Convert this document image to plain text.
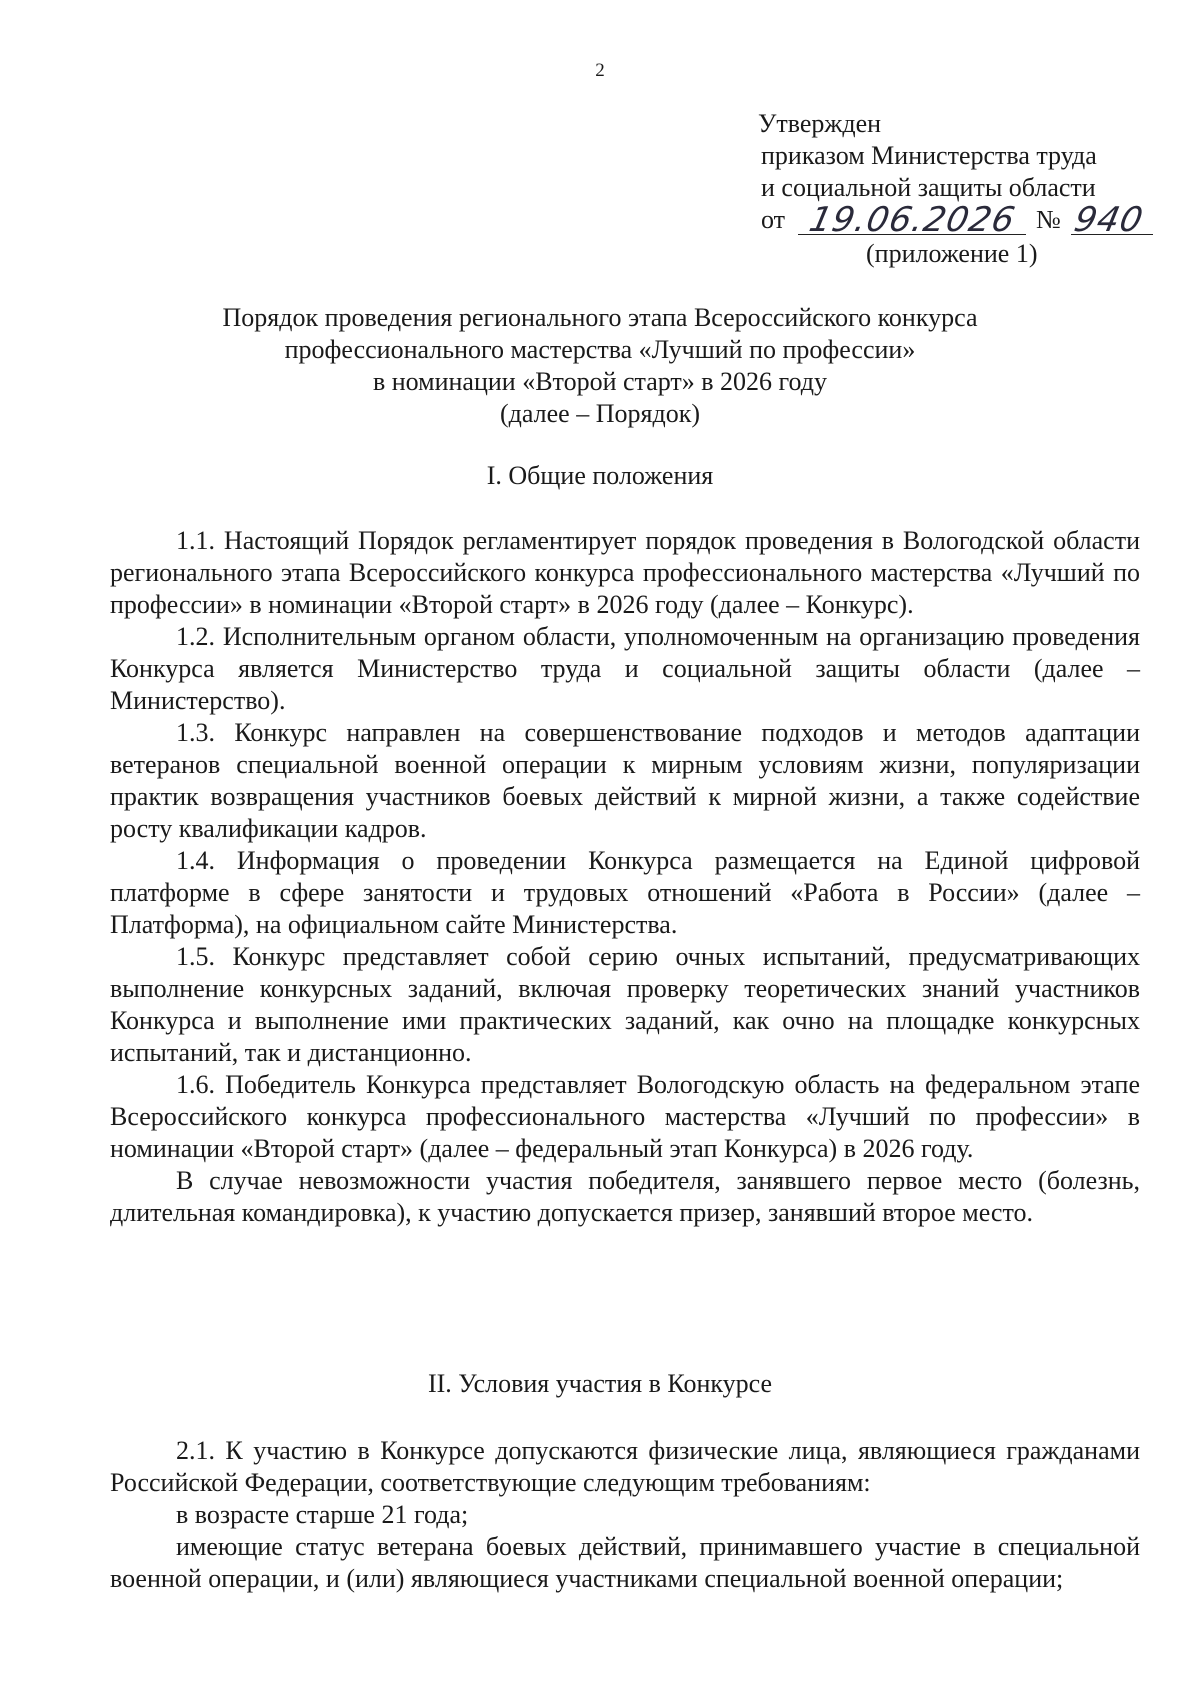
2
Утвержден
приказом Министерства труда
и социальной защиты области
от 19.06.2026 № 940
(приложение 1)
Порядок проведения регионального этапа Всероссийского конкурса
профессионального мастерства «Лучший по профессии»
в номинации «Второй старт» в 2026 году
(далее – Порядок)
I. Общие положения

1.1. Настоящий Порядок регламентирует порядок проведения в Вологодской области регионального этапа Всероссийского конкурса профессионального мастерства «Лучший по профессии» в номинации «Второй старт» в 2026 году (далее – Конкурс).

1.2. Исполнительным органом области, уполномоченным на организацию проведения Конкурса является Министерство труда и социальной защиты области (далее – Министерство).

1.3. Конкурс направлен на совершенствование подходов и методов адаптации ветеранов специальной военной операции к мирным условиям жизни, популяризации практик возвращения участников боевых действий к мирной жизни, а также содействие росту квалификации кадров.

1.4. Информация о проведении Конкурса размещается на Единой цифровой платформе в сфере занятости и трудовых отношений «Работа в России» (далее – Платформа), на официальном сайте Министерства.

1.5. Конкурс представляет собой серию очных испытаний, предусматривающих выполнение конкурсных заданий, включая проверку теоретических знаний участников Конкурса и выполнение ими практических заданий, как очно на площадке конкурсных испытаний, так и дистанционно.

1.6. Победитель Конкурса представляет Вологодскую область на федеральном этапе Всероссийского конкурса профессионального мастерства «Лучший по профессии» в номинации «Второй старт» (далее – федеральный этап Конкурса) в 2026 году.

В случае невозможности участия победителя, занявшего первое место (болезнь, длительная командировка), к участию допускается призер, занявший второе место.

II. Условия участия в Конкурсе

2.1. К участию в Конкурсе допускаются физические лица, являющиеся гражданами Российской Федерации, соответствующие следующим требованиям:

в возрасте старше 21 года;

имеющие статус ветерана боевых действий, принимавшего участие в специальной военной операции, и (или) являющиеся участниками специальной военной операции;
